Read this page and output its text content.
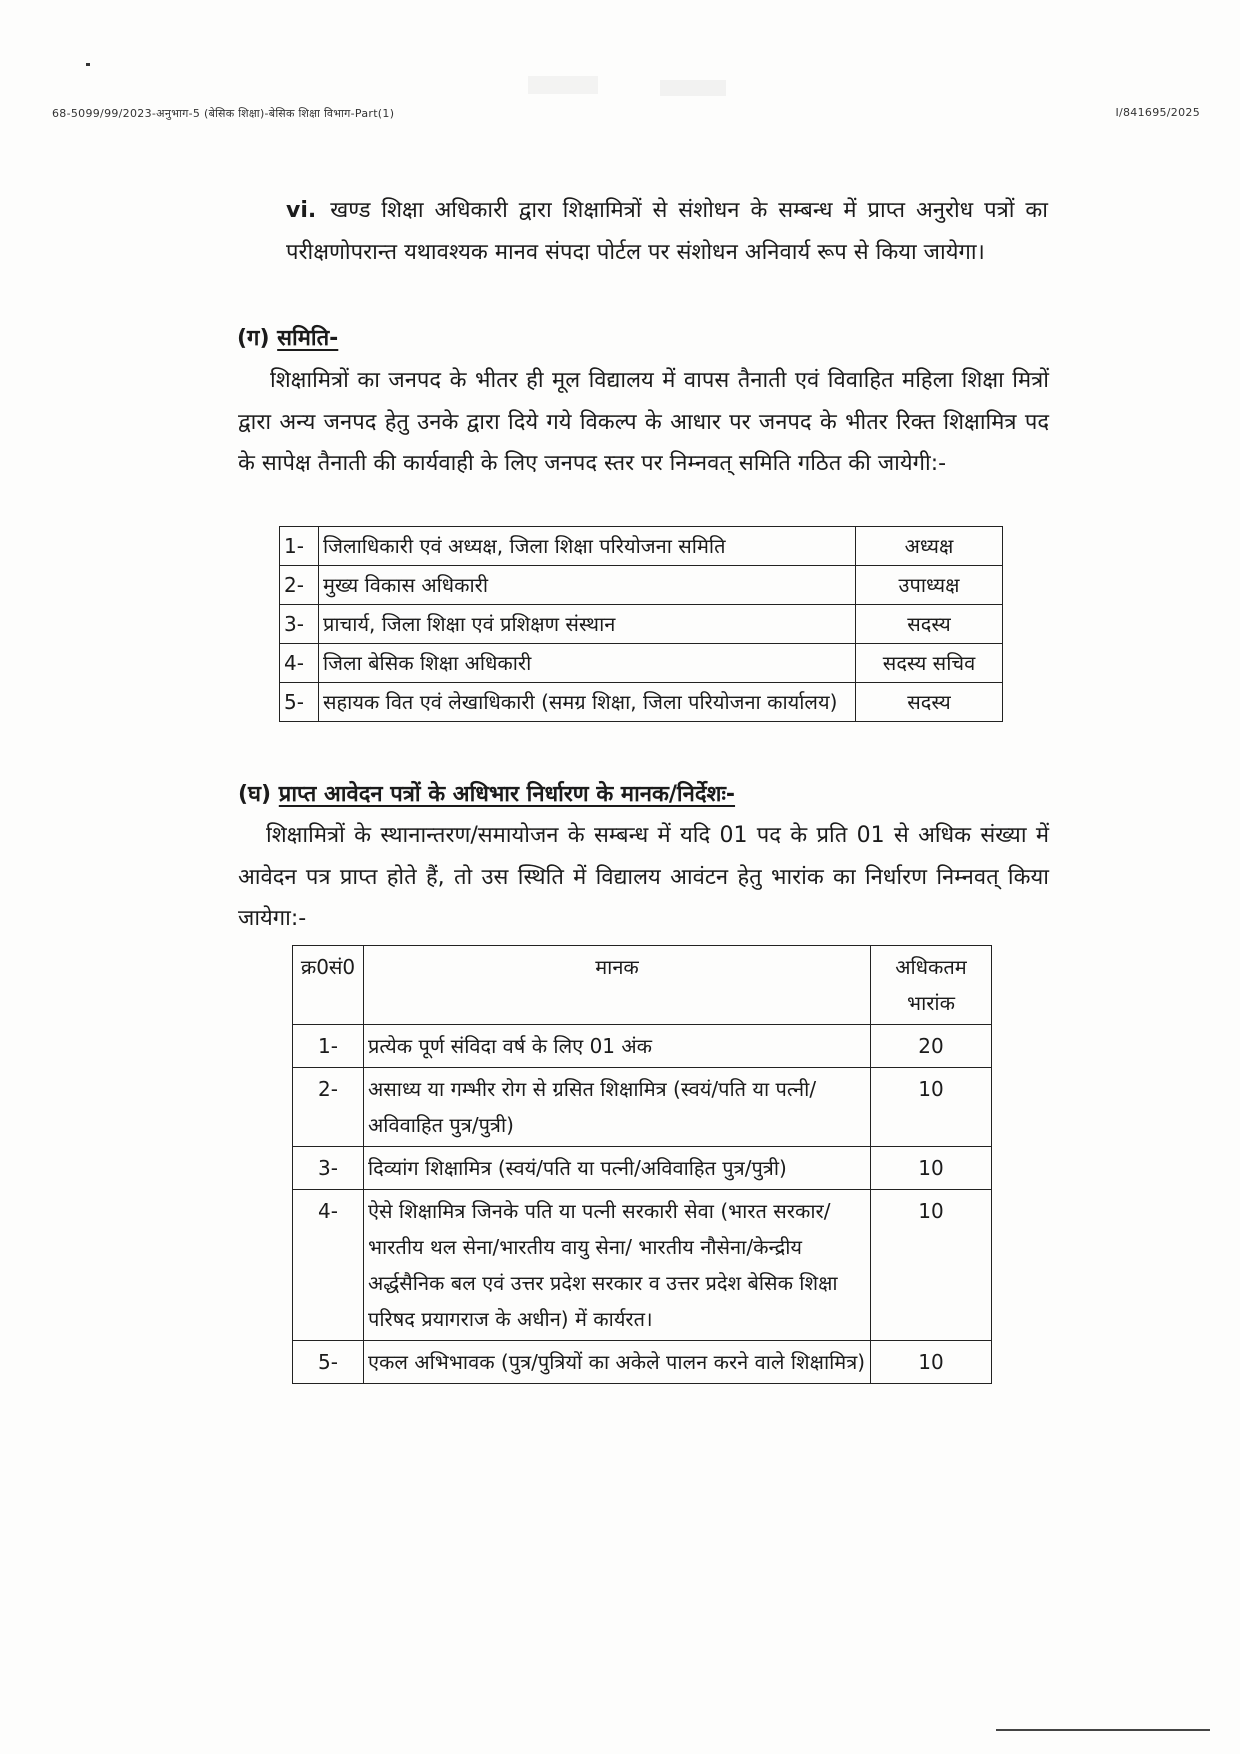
68-5099/99/2023-अनुभाग-5 (बेसिक शिक्षा)-बेसिक शिक्षा विभाग-Part(1)	I/841695/2025
vi. खण्ड शिक्षा अधिकारी द्वारा शिक्षामित्रों से संशोधन के सम्बन्ध में प्राप्त अनुरोध पत्रों का परीक्षणोपरान्त यथावश्यक मानव संपदा पोर्टल पर संशोधन अनिवार्य रूप से किया जायेगा।
(ग) समिति-
शिक्षामित्रों का जनपद के भीतर ही मूल विद्यालय में वापस तैनाती एवं विवाहित महिला शिक्षा मित्रों द्वारा अन्य जनपद हेतु उनके द्वारा दिये गये विकल्प के आधार पर जनपद के भीतर रिक्त शिक्षामित्र पद के सापेक्ष तैनाती की कार्यवाही के लिए जनपद स्तर पर निम्नवत् समिति गठित की जायेगी:-
1-	जिलाधिकारी एवं अध्यक्ष, जिला शिक्षा परियोजना समिति	अध्यक्ष
2-	मुख्य विकास अधिकारी	उपाध्यक्ष
3-	प्राचार्य, जिला शिक्षा एवं प्रशिक्षण संस्थान	सदस्य
4-	जिला बेसिक शिक्षा अधिकारी	सदस्य सचिव
5-	सहायक वित एवं लेखाधिकारी (समग्र शिक्षा, जिला परियोजना कार्यालय)	सदस्य
(घ) प्राप्त आवेदन पत्रों के अधिभार निर्धारण के मानक/निर्देशः-
शिक्षामित्रों के स्थानान्तरण/समायोजन के सम्बन्ध में यदि 01 पद के प्रति 01 से अधिक संख्या में आवेदन पत्र प्राप्त होते हैं, तो उस स्थिति में विद्यालय आवंटन हेतु भारांक का निर्धारण निम्नवत् किया जायेगा:-
क्र0सं0	मानक	अधिकतम भारांक
1-	प्रत्येक पूर्ण संविदा वर्ष के लिए 01 अंक	20
2-	असाध्य या गम्भीर रोग से ग्रसित शिक्षामित्र (स्वयं/पति या पत्नी/अविवाहित पुत्र/पुत्री)	10
3-	दिव्यांग शिक्षामित्र (स्वयं/पति या पत्नी/अविवाहित पुत्र/पुत्री)	10
4-	ऐसे शिक्षामित्र जिनके पति या पत्नी सरकारी सेवा (भारत सरकार/भारतीय थल सेना/भारतीय वायु सेना/ भारतीय नौसेना/केन्द्रीय अर्द्धसैनिक बल एवं उत्तर प्रदेश सरकार व उत्तर प्रदेश बेसिक शिक्षा परिषद प्रयागराज के अधीन) में कार्यरत।	10
5-	एकल अभिभावक (पुत्र/पुत्रियों का अकेले पालन करने वाले शिक्षामित्र)	10
